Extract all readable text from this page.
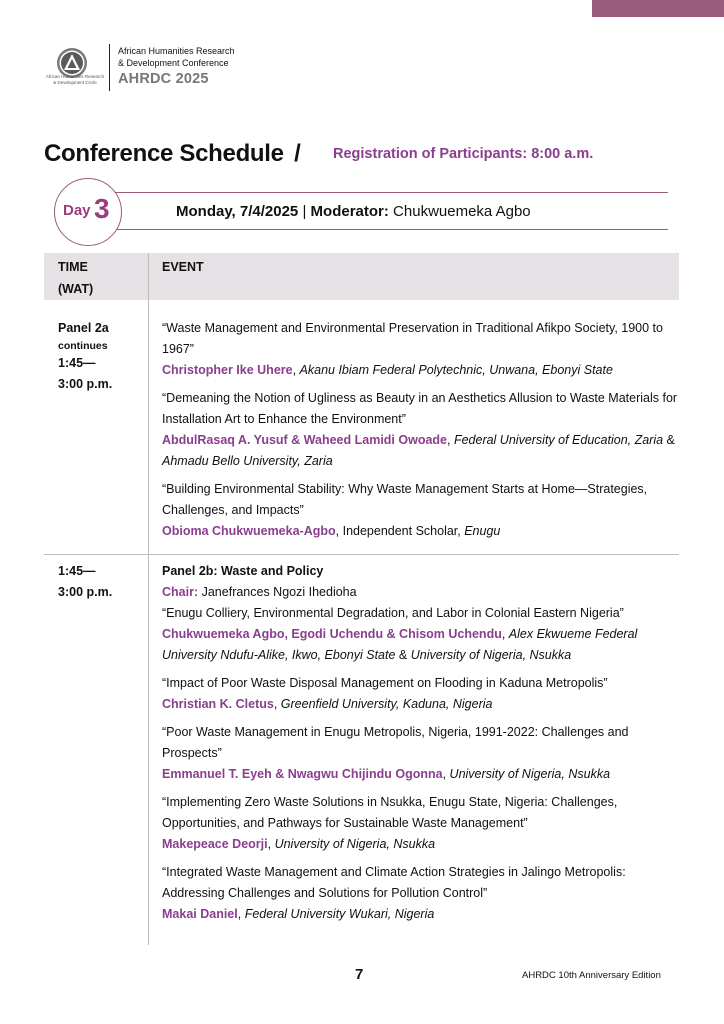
African Humanities Research
& Development Circle
African Humanities Research
& Development Conference
AHRDC 2025
Conference Schedule / Registration of Participants: 8:00 a.m.
Day 3	Monday, 7/4/2025 | Moderator: Chukwuemeka Agbo
TIME
(WAT)
EVENT
Panel 2a
continues
1:45—
3:00 p.m.
“Waste Management and Environmental Preservation in Traditional Afikpo Society, 1900 to 1967”
Christopher Ike Uhere, Akanu Ibiam Federal Polytechnic, Unwana, Ebonyi State
“Demeaning the Notion of Ugliness as Beauty in an Aesthetics Allusion to Waste Materials for Installation Art to Enhance the Environment”
AbdulRasaq A. Yusuf & Waheed Lamidi Owoade, Federal University of Education, Zaria & Ahmadu Bello University, Zaria
“Building Environmental Stability: Why Waste Management Starts at Home—Strategies, Challenges, and Impacts”
Obioma Chukwuemeka-Agbo, Independent Scholar, Enugu
1:45—
3:00 p.m.
Panel 2b: Waste and Policy
Chair: Janefrances Ngozi Ihedioha
“Enugu Colliery, Environmental Degradation, and Labor in Colonial Eastern Nigeria”
Chukwuemeka Agbo, Egodi Uchendu & Chisom Uchendu, Alex Ekwueme Federal University Ndufu-Alike, Ikwo, Ebonyi State & University of Nigeria, Nsukka
“Impact of Poor Waste Disposal Management on Flooding in Kaduna Metropolis”
Christian K. Cletus, Greenfield University, Kaduna, Nigeria
“Poor Waste Management in Enugu Metropolis, Nigeria, 1991-2022: Challenges and Prospects”
Emmanuel T. Eyeh & Nwagwu Chijindu Ogonna, University of Nigeria, Nsukka
“Implementing Zero Waste Solutions in Nsukka, Enugu State, Nigeria: Challenges, Opportunities, and Pathways for Sustainable Waste Management”
Makepeace Deorji, University of Nigeria, Nsukka
“Integrated Waste Management and Climate Action Strategies in Jalingo Metropolis: Addressing Challenges and Solutions for Pollution Control”
Makai Daniel, Federal University Wukari, Nigeria
7	AHRDC 10th Anniversary Edition
